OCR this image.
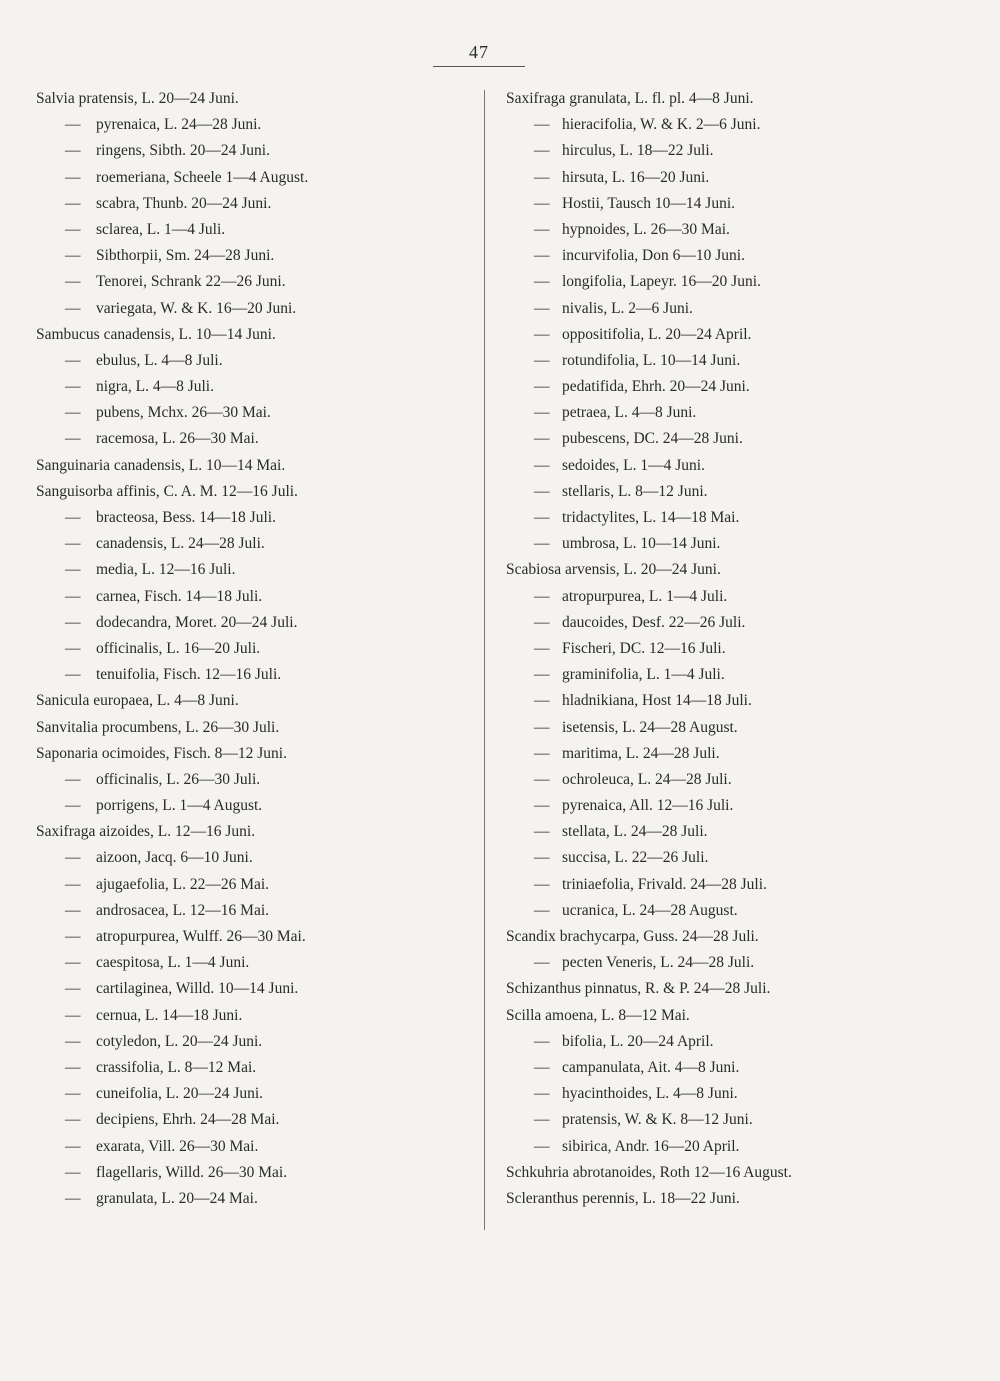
47
Salvia pratensis, L. 20—24 Juni.
— pyrenaica, L. 24—28 Juni.
— ringens, Sibth. 20—24 Juni.
— roemeriana, Scheele 1—4 August.
— scabra, Thunb. 20—24 Juni.
— sclarea, L. 1—4 Juli.
— Sibthorpii, Sm. 24—28 Juni.
— Tenorei, Schrank 22—26 Juni.
— variegata, W. & K. 16—20 Juni.
Sambucus canadensis, L. 10—14 Juni.
— ebulus, L. 4—8 Juli.
— nigra, L. 4—8 Juli.
— pubens, Mchx. 26—30 Mai.
— racemosa, L. 26—30 Mai.
Sanguinaria canadensis, L. 10—14 Mai.
Sanguisorba affinis, C. A. M. 12—16 Juli.
— bracteosa, Bess. 14—18 Juli.
— canadensis, L. 24—28 Juli.
— media, L. 12—16 Juli.
— carnea, Fisch. 14—18 Juli.
— dodecandra, Moret. 20—24 Juli.
— officinalis, L. 16—20 Juli.
— tenuifolia, Fisch. 12—16 Juli.
Sanicula europaea, L. 4—8 Juni.
Sanvitalia procumbens, L. 26—30 Juli.
Saponaria ocimoides, Fisch. 8—12 Juni.
— officinalis, L. 26—30 Juli.
— porrigens, L. 1—4 August.
Saxifraga aizoides, L. 12—16 Juni.
— aizoon, Jacq. 6—10 Juni.
— ajugaefolia, L. 22—26 Mai.
— androsacea, L. 12—16 Mai.
— atropurpurea, Wulff. 26—30 Mai.
— caespitosa, L. 1—4 Juni.
— cartilaginea, Willd. 10—14 Juni.
— cernua, L. 14—18 Juni.
— cotyledon, L. 20—24 Juni.
— crassifolia, L. 8—12 Mai.
— cuneifolia, L. 20—24 Juni.
— decipiens, Ehrh. 24—28 Mai.
— exarata, Vill. 26—30 Mai.
— flagellaris, Willd. 26—30 Mai.
— granulata, L. 20—24 Mai.
Saxifraga granulata, L. fl. pl. 4—8 Juni.
— hieracifolia, W. & K. 2—6 Juni.
— hirculus, L. 18—22 Juli.
— hirsuta, L. 16—20 Juni.
— Hostii, Tausch 10—14 Juni.
— hypnoides, L. 26—30 Mai.
— incurvifolia, Don 6—10 Juni.
— longifolia, Lapeyr. 16—20 Juni.
— nivalis, L. 2—6 Juni.
— oppositifolia, L. 20—24 April.
— rotundifolia, L. 10—14 Juni.
— pedatifida, Ehrh. 20—24 Juni.
— petraea, L. 4—8 Juni.
— pubescens, DC. 24—28 Juni.
— sedoides, L. 1—4 Juni.
— stellaris, L. 8—12 Juni.
— tridactylites, L. 14—18 Mai.
— umbrosa, L. 10—14 Juni.
Scabiosa arvensis, L. 20—24 Juni.
— atropurpurea, L. 1—4 Juli.
— daucoides, Desf. 22—26 Juli.
— Fischeri, DC. 12—16 Juli.
— graminifolia, L. 1—4 Juli.
— hladnikiana, Host 14—18 Juli.
— isetensis, L. 24—28 August.
— maritima, L. 24—28 Juli.
— ochroleuca, L. 24—28 Juli.
— pyrenaica, All. 12—16 Juli.
— stellata, L. 24—28 Juli.
— succisa, L. 22—26 Juli.
— triniaefolia, Frivald. 24—28 Juli.
— ucranica, L. 24—28 August.
Scandix brachycarpa, Guss. 24—28 Juli.
— pecten Veneris, L. 24—28 Juli.
Schizanthus pinnatus, R. & P. 24—28 Juli.
Scilla amoena, L. 8—12 Mai.
— bifolia, L. 20—24 April.
— campanulata, Ait. 4—8 Juni.
— hyacinthoides, L. 4—8 Juni.
— pratensis, W. & K. 8—12 Juni.
— sibirica, Andr. 16—20 April.
Schkuhria abrotanoides, Roth 12—16 August.
Scleranthus perennis, L. 18—22 Juni.
